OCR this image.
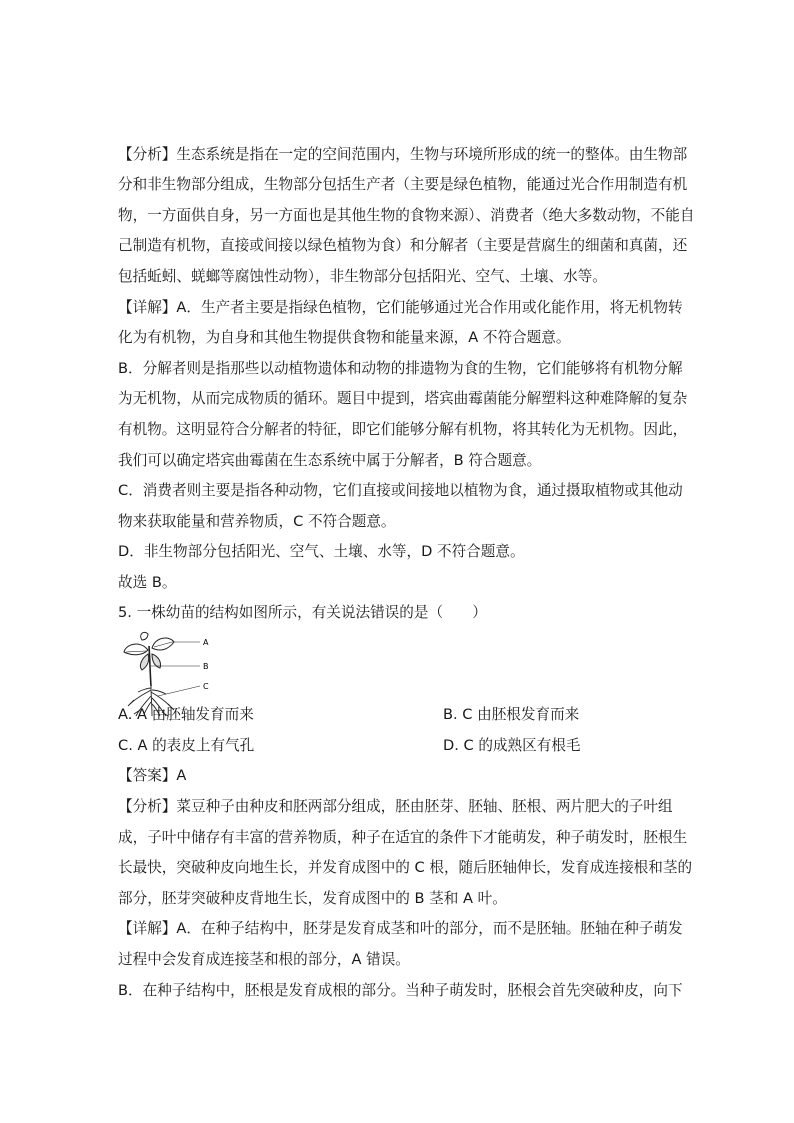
【分析】生态系统是指在一定的空间范围内，生物与环境所形成的统一的整体。由生物部
分和非生物部分组成，生物部分包括生产者（主要是绿色植物，能通过光合作用制造有机
物，一方面供自身，另一方面也是其他生物的食物来源）、消费者（绝大多数动物，不能自
己制造有机物，直接或间接以绿色植物为食）和分解者（主要是营腐生的细菌和真菌，还
包括蚯蚓、蜣螂等腐蚀性动物），非生物部分包括阳光、空气、土壤、水等。
【详解】A．生产者主要是指绿色植物，它们能够通过光合作用或化能作用，将无机物转
化为有机物，为自身和其他生物提供食物和能量来源，A 不符合题意。
B．分解者则是指那些以动植物遗体和动物的排遗物为食的生物，它们能够将有机物分解
为无机物，从而完成物质的循环。题目中提到，塔宾曲霉菌能分解塑料这种难降解的复杂
有机物。这明显符合分解者的特征，即它们能够分解有机物，将其转化为无机物。因此，
我们可以确定塔宾曲霉菌在生态系统中属于分解者，B 符合题意。
C．消费者则主要是指各种动物，它们直接或间接地以植物为食，通过摄取植物或其他动
物来获取能量和营养物质，C 不符合题意。
D．非生物部分包括阳光、空气、土壤、水等，D 不符合题意。
故选 B。
5. 一株幼苗的结构如图所示，有关说法错误的是（　　）
A
B
C
A. A 由胚轴发育而来	B. C 由胚根发育而来
C. A 的表皮上有气孔	D. C 的成熟区有根毛
【答案】A
【分析】菜豆种子由种皮和胚两部分组成，胚由胚芽、胚轴、胚根、两片肥大的子叶组
成，子叶中储存有丰富的营养物质，种子在适宜的条件下才能萌发，种子萌发时，胚根生
长最快，突破种皮向地生长，并发育成图中的 C 根，随后胚轴伸长，发育成连接根和茎的
部分，胚芽突破种皮背地生长，发育成图中的 B 茎和 A 叶。
【详解】A．在种子结构中，胚芽是发育成茎和叶的部分，而不是胚轴。胚轴在种子萌发
过程中会发育成连接茎和根的部分，A 错误。
B．在种子结构中，胚根是发育成根的部分。当种子萌发时，胚根会首先突破种皮，向下
